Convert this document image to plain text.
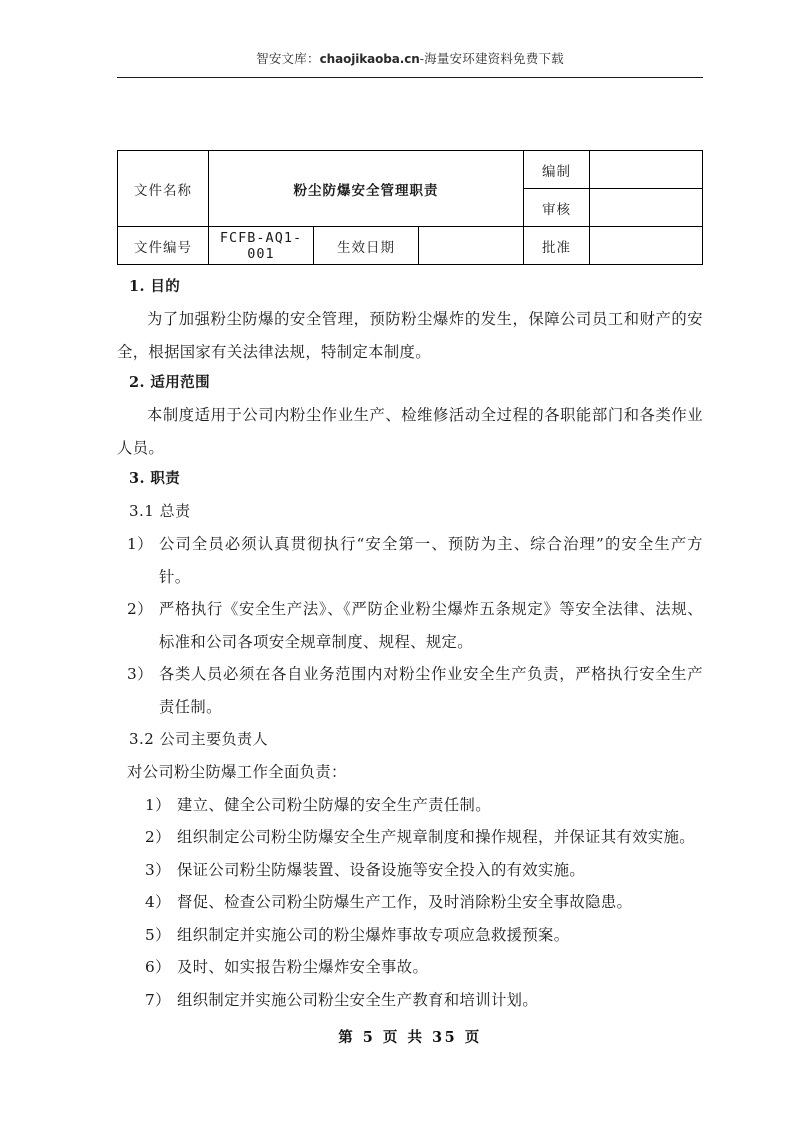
智安文库：chaojikaoba.cn-海量安环建资料免费下载
文件名称	粉尘防爆安全管理职责			编制	
				审核	
文件编号	FCFB-AQ1-001	生效日期		批准	
1. 目的

为了加强粉尘防爆的安全管理，预防粉尘爆炸的发生，保障公司员工和财产的安全，根据国家有关法律法规，特制定本制度。

2. 适用范围

本制度适用于公司内粉尘作业生产、检维修活动全过程的各职能部门和各类作业人员。

3. 职责
3.1 总责
1） 公司全员必须认真贯彻执行“安全第一、预防为主、综合治理”的安全生产方针。
2） 严格执行《安全生产法》、《严防企业粉尘爆炸五条规定》等安全法律、法规、标准和公司各项安全规章制度、规程、规定。
3） 各类人员必须在各自业务范围内对粉尘作业安全生产负责，严格执行安全生产责任制。
3.2 公司主要负责人

对公司粉尘防爆工作全面负责：

1） 建立、健全公司粉尘防爆的安全生产责任制。
2） 组织制定公司粉尘防爆安全生产规章制度和操作规程，并保证其有效实施。
3） 保证公司粉尘防爆装置、设备设施等安全投入的有效实施。
4） 督促、检查公司粉尘防爆生产工作，及时消除粉尘安全事故隐患。
5） 组织制定并实施公司的粉尘爆炸事故专项应急救援预案。
6） 及时、如实报告粉尘爆炸安全事故。
7） 组织制定并实施公司粉尘安全生产教育和培训计划。
第 5 页 共 35 页
